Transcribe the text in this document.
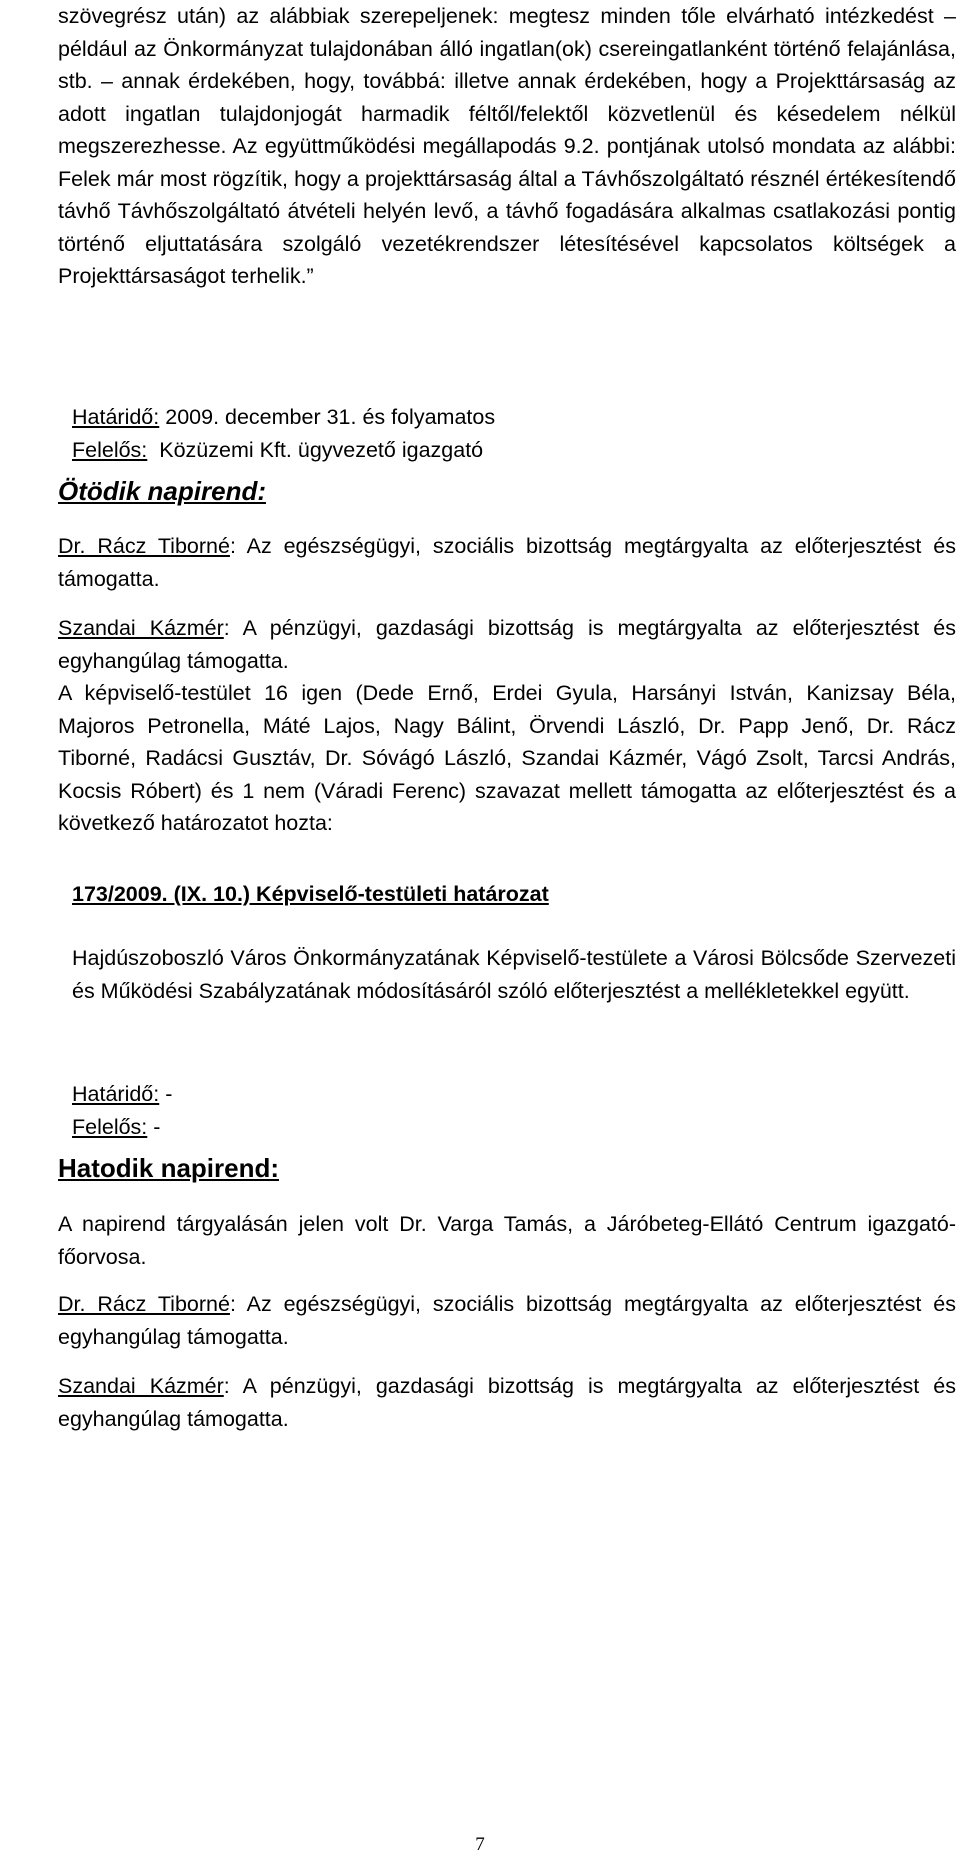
szövegrész után) az alábbiak szerepeljenek: megtesz minden tőle elvárható intézkedést – például az Önkormányzat tulajdonában álló ingatlan(ok) csereingatlanként történő felajánlása, stb. – annak érdekében, hogy, továbbá: illetve annak érdekében, hogy a Projekttársaság az adott ingatlan tulajdonjogát harmadik féltől/felektől közvetlenül és késedelem nélkül megszerezhesse. Az együttműködési megállapodás 9.2. pontjának utolsó mondata az alábbi: Felek már most rögzítik, hogy a projekttársaság által a Távhőszolgáltató résznél értékesítendő távhő Távhőszolgáltató átvételi helyén levő, a távhő fogadására alkalmas csatlakozási pontig történő eljuttatására szolgáló vezetékrendszer létesítésével kapcsolatos költségek a Projekttársaságot terhelik.”

Határidő: 2009. december 31. és folyamatos

Felelős: Közüzemi Kft. ügyvezető igazgató

Ötödik napirend:

Dr. Rácz Tiborné: Az egészségügyi, szociális bizottság megtárgyalta az előterjesztést és támogatta.

Szandai Kázmér: A pénzügyi, gazdasági bizottság is megtárgyalta az előterjesztést és egyhangúlag támogatta.

A képviselő-testület 16 igen (Dede Ernő, Erdei Gyula, Harsányi István, Kanizsay Béla, Majoros Petronella, Máté Lajos, Nagy Bálint, Örvendi László, Dr. Papp Jenő, Dr. Rácz Tiborné, Radácsi Gusztáv, Dr. Sóvágó László, Szandai Kázmér, Vágó Zsolt, Tarcsi András, Kocsis Róbert) és 1 nem (Váradi Ferenc) szavazat mellett támogatta az előterjesztést és a következő határozatot hozta:

173/2009. (IX. 10.) Képviselő-testületi határozat

Hajdúszoboszló Város Önkormányzatának Képviselő-testülete a Városi Bölcsőde Szervezeti és Működési Szabályzatának módosításáról szóló előterjesztést a mellékletekkel együtt.

Határidő: -

Felelős: -

Hatodik napirend:

A napirend tárgyalásán jelen volt Dr. Varga Tamás, a Járóbeteg-Ellátó Centrum igazgató-főorvosa.

Dr. Rácz Tiborné: Az egészségügyi, szociális bizottság megtárgyalta az előterjesztést és egyhangúlag támogatta.

Szandai Kázmér: A pénzügyi, gazdasági bizottság is megtárgyalta az előterjesztést és egyhangúlag támogatta.

7
